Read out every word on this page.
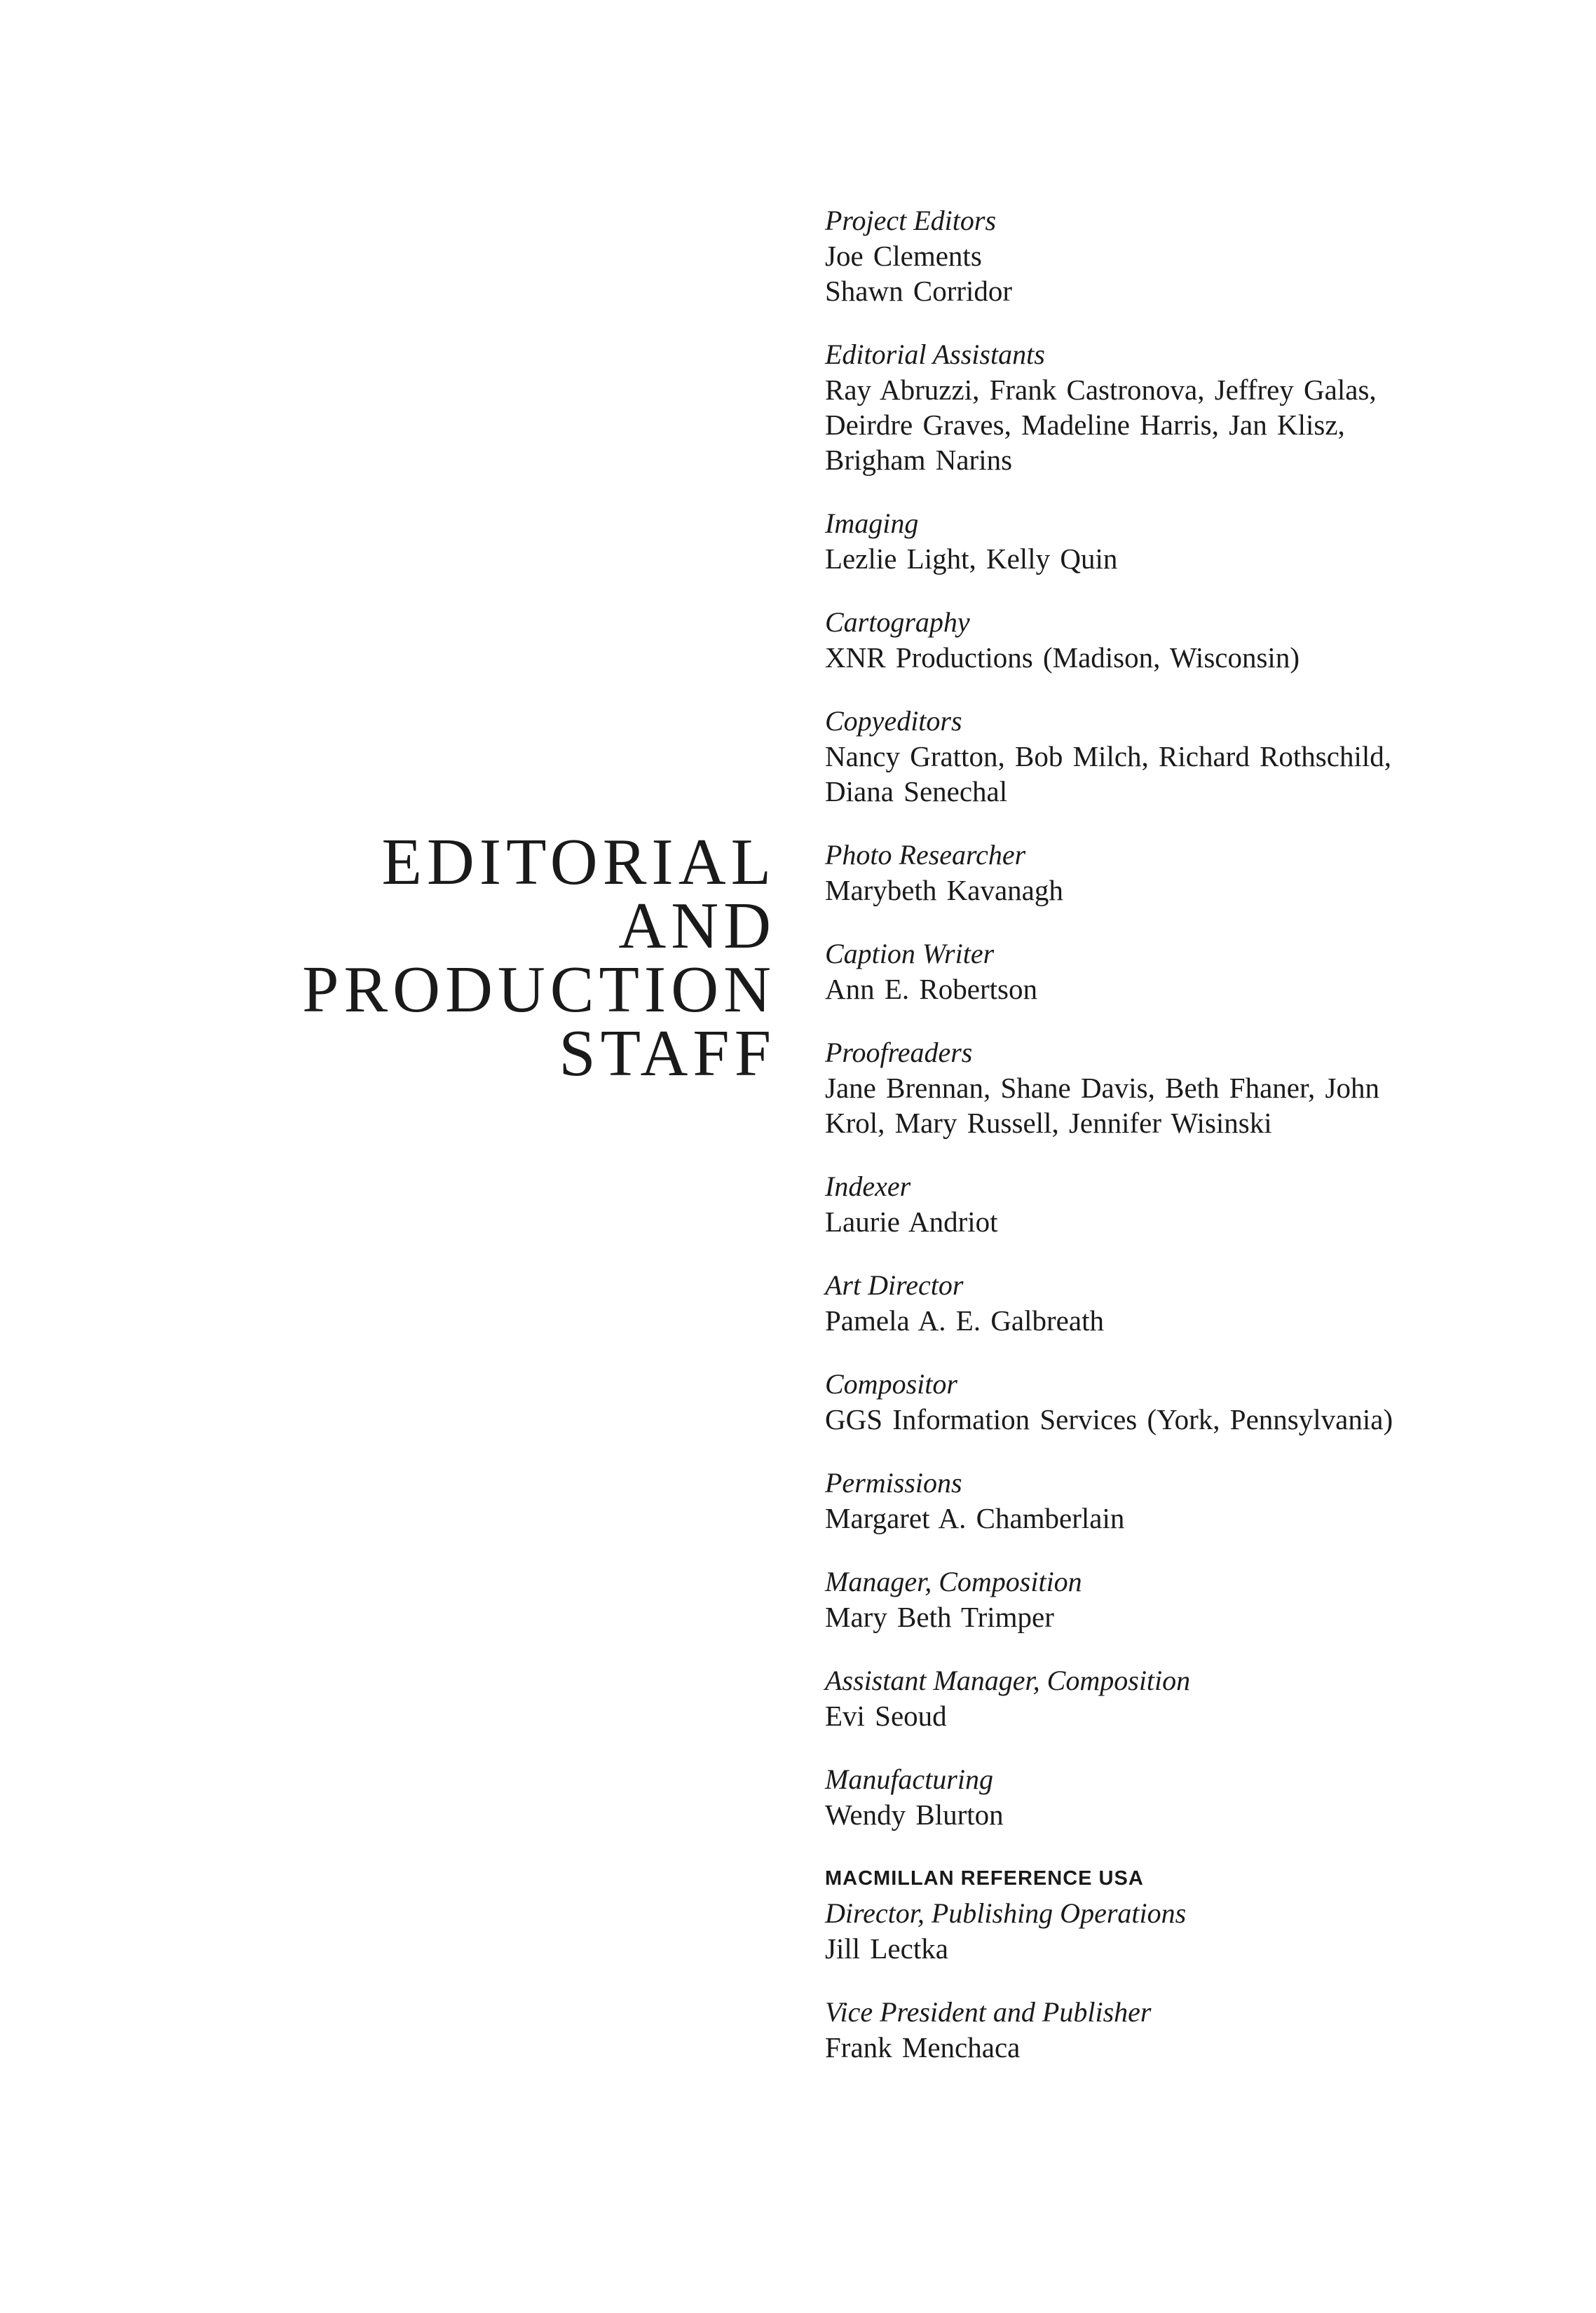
EDITORIAL
AND
PRODUCTION
STAFF
Project Editors
Joe Clements
Shawn Corridor
Editorial Assistants
Ray Abruzzi, Frank Castronova, Jeffrey Galas,
Deirdre Graves, Madeline Harris, Jan Klisz,
Brigham Narins
Imaging
Lezlie Light, Kelly Quin
Cartography
XNR Productions (Madison, Wisconsin)
Copyeditors
Nancy Gratton, Bob Milch, Richard Rothschild,
Diana Senechal
Photo Researcher
Marybeth Kavanagh
Caption Writer
Ann E. Robertson
Proofreaders
Jane Brennan, Shane Davis, Beth Fhaner, John
Krol, Mary Russell, Jennifer Wisinski
Indexer
Laurie Andriot
Art Director
Pamela A. E. Galbreath
Compositor
GGS Information Services (York, Pennsylvania)
Permissions
Margaret A. Chamberlain
Manager, Composition
Mary Beth Trimper
Assistant Manager, Composition
Evi Seoud
Manufacturing
Wendy Blurton
MACMILLAN REFERENCE USA
Director, Publishing Operations
Jill Lectka
Vice President and Publisher
Frank Menchaca
